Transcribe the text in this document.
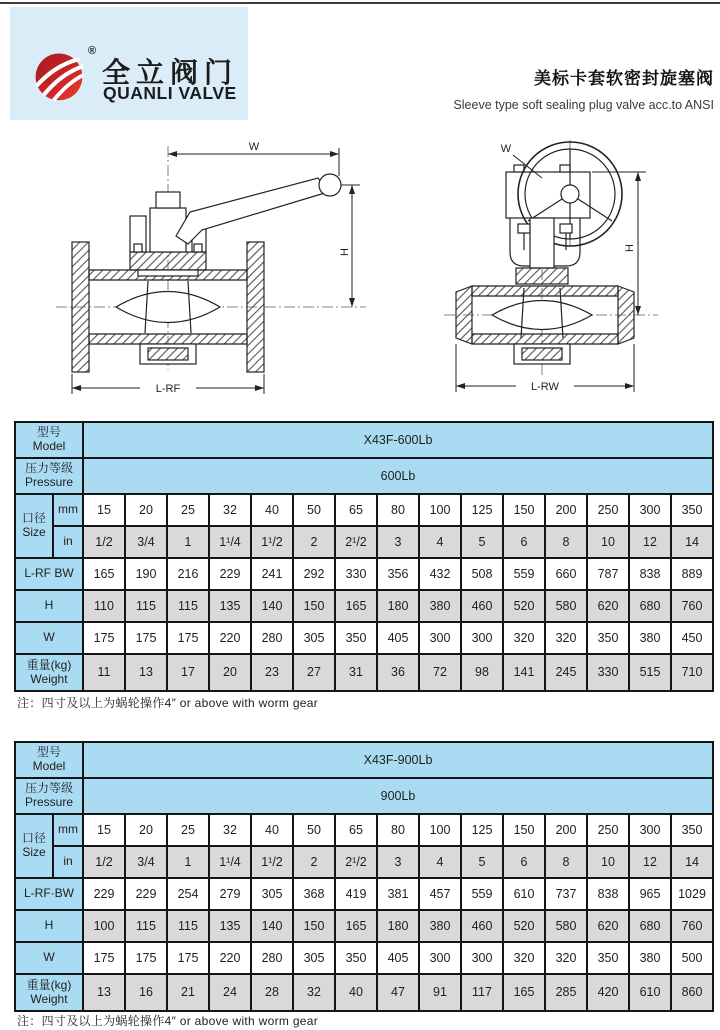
®
全立阀门
QUANLI VALVE
美标卡套软密封旋塞阀
Sleeve type soft sealing plug valve acc.to ANSI
W
H
L-RF
W
H
L-RW
型号
Model		X43F-600Lb														

压力等级
Pressure		600Lb														

口径
Size	mm	15	20	25	32	40	50	65	80	100	125	150	200	250	300	350
	in	1/2	3/4	1	1¹/4	1¹/2	2	2¹/2	3	4	5	6	8	10	12	14
L-RF BW		165	190	216	229	241	292	330	356	432	508	559	660	787	838	889
H		110	115	115	135	140	150	165	180	380	460	520	580	620	680	760
W		175	175	175	220	280	305	350	405	300	300	320	320	350	380	450

重量(kg)
Weight		11	13	17	20	23	27	31	36	72	98	141	245	330	515	710
注：四寸及以上为蜗轮操作4″ or above with worm gear
型号
Model		X43F-900Lb														

压力等级
Pressure		900Lb														

口径
Size	mm	15	20	25	32	40	50	65	80	100	125	150	200	250	300	350
	in	1/2	3/4	1	1¹/4	1¹/2	2	2¹/2	3	4	5	6	8	10	12	14
L-RF·BW		229	229	254	279	305	368	419	381	457	559	610	737	838	965	1029
H		100	115	115	135	140	150	165	180	380	460	520	580	620	680	760
W		175	175	175	220	280	305	350	405	300	300	320	320	350	380	500

重量(kg)
Weight		13	16	21	24	28	32	40	47	91	117	165	285	420	610	860
注：四寸及以上为蜗轮操作4″ or above with worm gear
